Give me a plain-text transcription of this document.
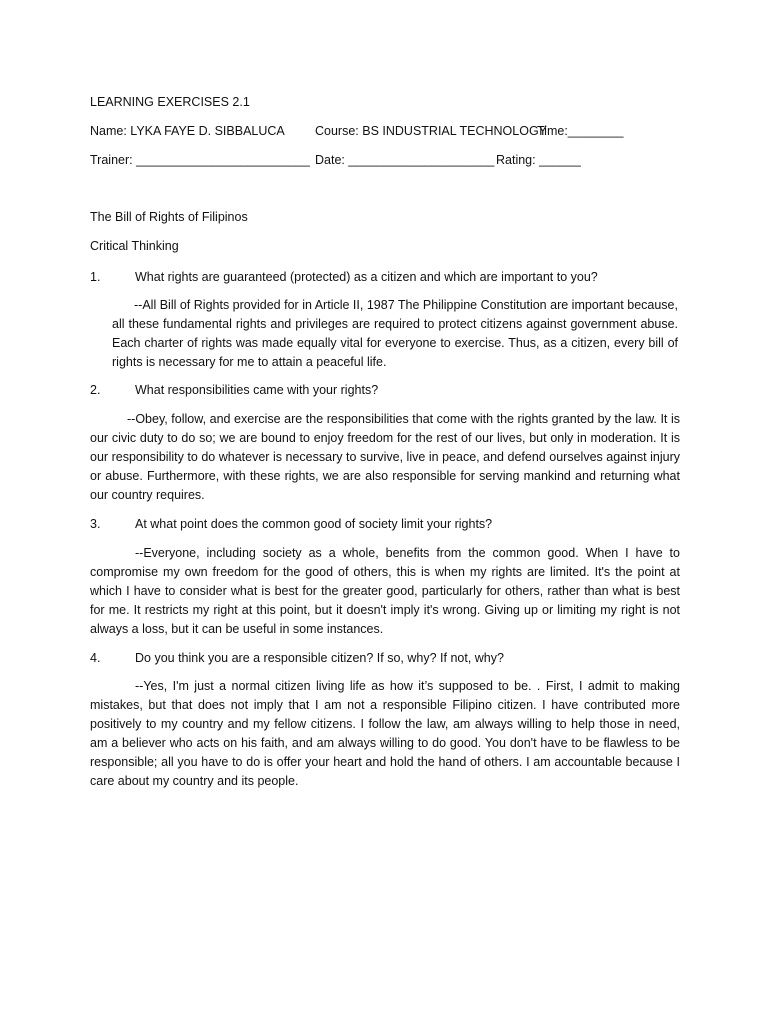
LEARNING EXERCISES 2.1
Name: LYKA FAYE D. SIBBALUCA Course: BS INDUSTRIAL TECHNOLOGY
Time:________
Trainer: _________________________ Date: _____________________ Rating: ______
The Bill of Rights of Filipinos
Critical Thinking
1.	What rights are guaranteed (protected) as a citizen and which are important to you?
--All Bill of Rights provided for in Article II, 1987 The Philippine Constitution are important because, all these fundamental rights and privileges are required to protect citizens against government abuse. Each charter of rights was made equally vital for everyone to exercise. Thus, as a citizen, every bill of rights is necessary for me to attain a peaceful life.
2.	What responsibilities came with your rights?
--Obey, follow, and exercise are the responsibilities that come with the rights granted by the law. It is our civic duty to do so; we are bound to enjoy freedom for the rest of our lives, but only in moderation. It is our responsibility to do whatever is necessary to survive, live in peace, and defend ourselves against injury or abuse. Furthermore, with these rights, we are also responsible for serving mankind and returning what our country requires.
3.	At what point does the common good of society limit your rights?
--Everyone, including society as a whole, benefits from the common good. When I have to compromise my own freedom for the good of others, this is when my rights are limited. It's the point at which I have to consider what is best for the greater good, particularly for others, rather than what is best for me. It restricts my right at this point, but it doesn't imply it's wrong. Giving up or limiting my right is not always a loss, but it can be useful in some instances.
4.	Do you think you are a responsible citizen? If so, why? If not, why?
--Yes, I'm just a normal citizen living life as how it’s supposed to be. . First, I admit to making mistakes, but that does not imply that I am not a responsible Filipino citizen. I have contributed more positively to my country and my fellow citizens. I follow the law, am always willing to help those in need, am a believer who acts on his faith, and am always willing to do good. You don't have to be flawless to be responsible; all you have to do is offer your heart and hold the hand of others. I am accountable because I care about my country and its people.
